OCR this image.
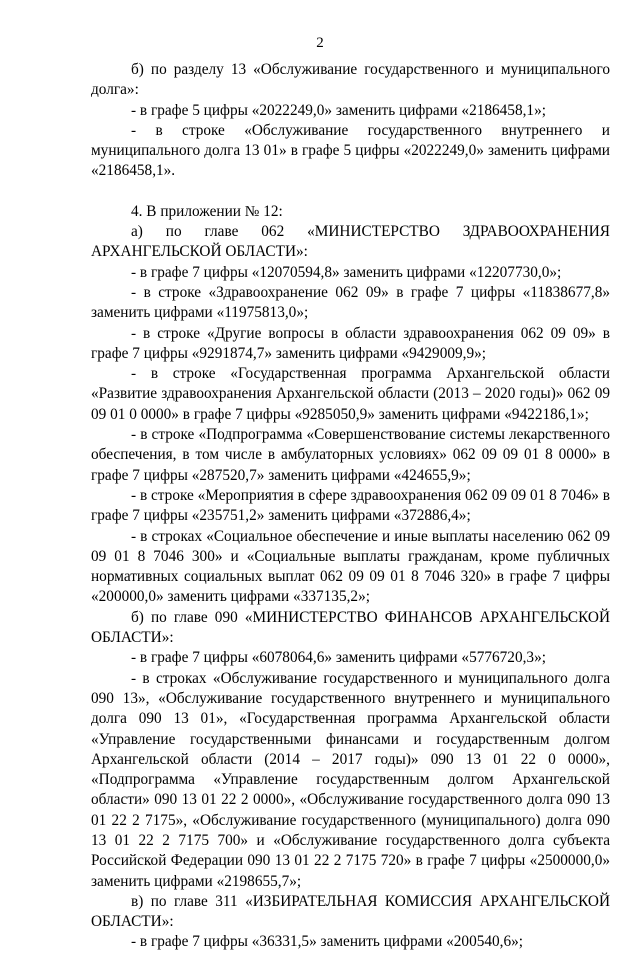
2

б) по разделу 13 «Обслуживание государственного и муниципального долга»:

- в графе 5 цифры «2022249,0» заменить цифрами «2186458,1»;

- в строке «Обслуживание государственного внутреннего и муниципального долга 13 01» в графе 5 цифры «2022249,0» заменить цифрами «2186458,1».

4. В приложении № 12:

а) по главе 062 «МИНИСТЕРСТВО ЗДРАВООХРАНЕНИЯ АРХАНГЕЛЬСКОЙ ОБЛАСТИ»:

- в графе 7 цифры «12070594,8» заменить цифрами «12207730,0»;

- в строке «Здравоохранение 062 09» в графе 7 цифры «11838677,8» заменить цифрами «11975813,0»;

- в строке «Другие вопросы в области здравоохранения 062 09 09» в графе 7 цифры «9291874,7» заменить цифрами «9429009,9»;

- в строке «Государственная программа Архангельской области «Развитие здравоохранения Архангельской области (2013 – 2020 годы)» 062 09 09 01 0 0000» в графе 7 цифры «9285050,9» заменить цифрами «9422186,1»;

- в строке «Подпрограмма «Совершенствование системы лекарственного обеспечения, в том числе в амбулаторных условиях» 062 09 09 01 8 0000» в графе 7 цифры «287520,7» заменить цифрами «424655,9»;

- в строке «Мероприятия в сфере здравоохранения 062 09 09 01 8 7046» в графе 7 цифры «235751,2» заменить цифрами «372886,4»;

- в строках «Социальное обеспечение и иные выплаты населению 062 09 09 01 8 7046 300» и «Социальные выплаты гражданам, кроме публичных нормативных социальных выплат 062 09 09 01 8 7046 320» в графе 7 цифры «200000,0» заменить цифрами «337135,2»;

б) по главе 090 «МИНИСТЕРСТВО ФИНАНСОВ АРХАНГЕЛЬСКОЙ ОБЛАСТИ»:

- в графе 7 цифры «6078064,6» заменить цифрами «5776720,3»;

- в строках «Обслуживание государственного и муниципального долга 090 13», «Обслуживание государственного внутреннего и муниципального долга 090 13 01», «Государственная программа Архангельской области «Управление государственными финансами и государственным долгом Архангельской области (2014 – 2017 годы)» 090 13 01 22 0 0000», «Подпрограмма «Управление государственным долгом Архангельской области» 090 13 01 22 2 0000», «Обслуживание государственного долга 090 13 01 22 2 7175», «Обслуживание государственного (муниципального) долга 090 13 01 22 2 7175 700» и «Обслуживание государственного долга субъекта Российской Федерации 090 13 01 22 2 7175 720» в графе 7 цифры «2500000,0» заменить цифрами «2198655,7»;

в) по главе 311 «ИЗБИРАТЕЛЬНАЯ КОМИССИЯ АРХАНГЕЛЬСКОЙ ОБЛАСТИ»:

- в графе 7 цифры «36331,5» заменить цифрами «200540,6»;
